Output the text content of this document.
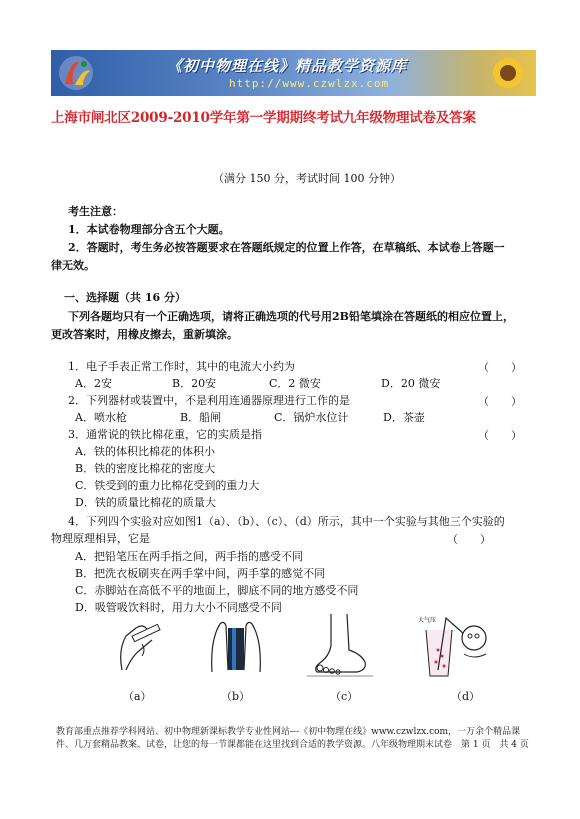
《初中物理在线》精品教学资源库
http://www.czwlzx.com
上海市闸北区2009-2010学年第一学期期终考试九年级物理试卷及答案
（满分 150 分，考试时间 100 分钟）
考生注意：
1．本试卷物理部分含五个大题。
2．答题时，考生务必按答题要求在答题纸规定的位置上作答，在草稿纸、本试卷上答题一
律无效。
一、选择题（共 16 分）
下列各题均只有一个正确选项，请将正确选项的代号用2B铅笔填涂在答题纸的相应位置上，
更改答案时，用橡皮擦去，重新填涂。
1．电子手表正常工作时，其中的电流大小约为	（　　）
A．2安	B．20安	C．2 微安	D．20 微安
2．下列器材或装置中，不是利用连通器原理进行工作的是	（　　）
A．喷水枪	B．船闸	C．锅炉水位计	D．茶壶
3．通常说的铁比棉花重，它的实质是指	（　　）
A．铁的体积比棉花的体积小
B．铁的密度比棉花的密度大
C．铁受到的重力比棉花受到的重力大
D．铁的质量比棉花的质量大
4．下列四个实验对应如图1（a）、（b）、（c）、（d）所示，其中一个实验与其他三个实验的
物理原理相异，它是	（　　）
A．把铅笔压在两手指之间，两手指的感受不同
B．把洗衣板刷夹在两手掌中间，两手掌的感觉不同
C．赤脚站在高低不平的地面上，脚底不同的地方感受不同
D．吸管吸饮料时，用力大小不同感受不同
大气压
（a）	（b）	（c）	（d）
教育部重点推荐学科网站、初中物理新课标教学专业性网站---《初中物理在线》www.czwlzx.com，一万余个精品课件、几万套精品教案、试卷，让您的每一节课都能在这里找到合适的教学资源。八年级物理期末试卷　第 1 页　共 4 页
